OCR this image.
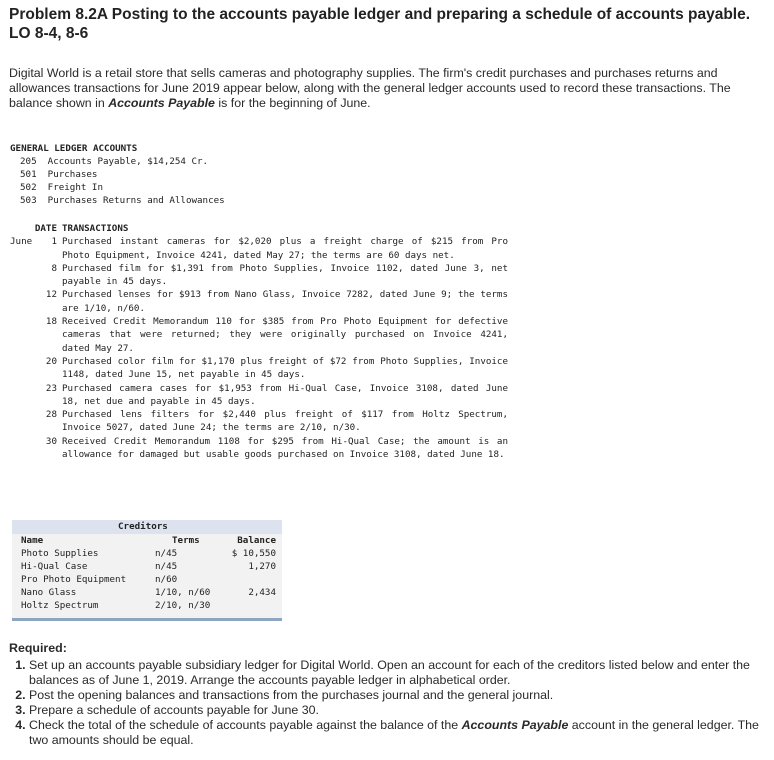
Problem 8.2A Posting to the accounts payable ledger and preparing a schedule of accounts payable. LO 8-4, 8-6
Digital World is a retail store that sells cameras and photography supplies. The firm's credit purchases and purchases returns and allowances transactions for June 2019 appear below, along with the general ledger accounts used to record these transactions. The balance shown in Accounts Payable is for the beginning of June.
GENERAL LEDGER ACCOUNTS
205  Accounts Payable, $14,254 Cr.
501  Purchases
502  Freight In
503  Purchases Returns and Allowances
DATE TRANSACTIONS
June 1 Purchased instant cameras for $2,020 plus a freight charge of $215 from Pro Photo Equipment, Invoice 4241, dated May 27; the terms are 60 days net.
8 Purchased film for $1,391 from Photo Supplies, Invoice 1102, dated June 3, net payable in 45 days.
12 Purchased lenses for $913 from Nano Glass, Invoice 7282, dated June 9; the terms are 1/10, n/60.
18 Received Credit Memorandum 110 for $385 from Pro Photo Equipment for defective cameras that were returned; they were originally purchased on Invoice 4241, dated May 27.
20 Purchased color film for $1,170 plus freight of $72 from Photo Supplies, Invoice 1148, dated June 15, net payable in 45 days.
23 Purchased camera cases for $1,953 from Hi-Qual Case, Invoice 3108, dated June 18, net due and payable in 45 days.
28 Purchased lens filters for $2,440 plus freight of $117 from Holtz Spectrum, Invoice 5027, dated June 24; the terms are 2/10, n/30.
30 Received Credit Memorandum 1108 for $295 from Hi-Qual Case; the amount is an allowance for damaged but usable goods purchased on Invoice 3108, dated June 18.
Creditors
Name	Terms	Balance
Photo Supplies	n/45	$ 10,550
Hi-Qual Case	n/45	1,270
Pro Photo Equipment	n/60
Nano Glass	1/10, n/60	2,434
Holtz Spectrum	2/10, n/30
Required:
1. Set up an accounts payable subsidiary ledger for Digital World. Open an account for each of the creditors listed below and enter the balances as of June 1, 2019. Arrange the accounts payable ledger in alphabetical order.
2. Post the opening balances and transactions from the purchases journal and the general journal.
3. Prepare a schedule of accounts payable for June 30.
4. Check the total of the schedule of accounts payable against the balance of the Accounts Payable account in the general ledger. The two amounts should be equal.
